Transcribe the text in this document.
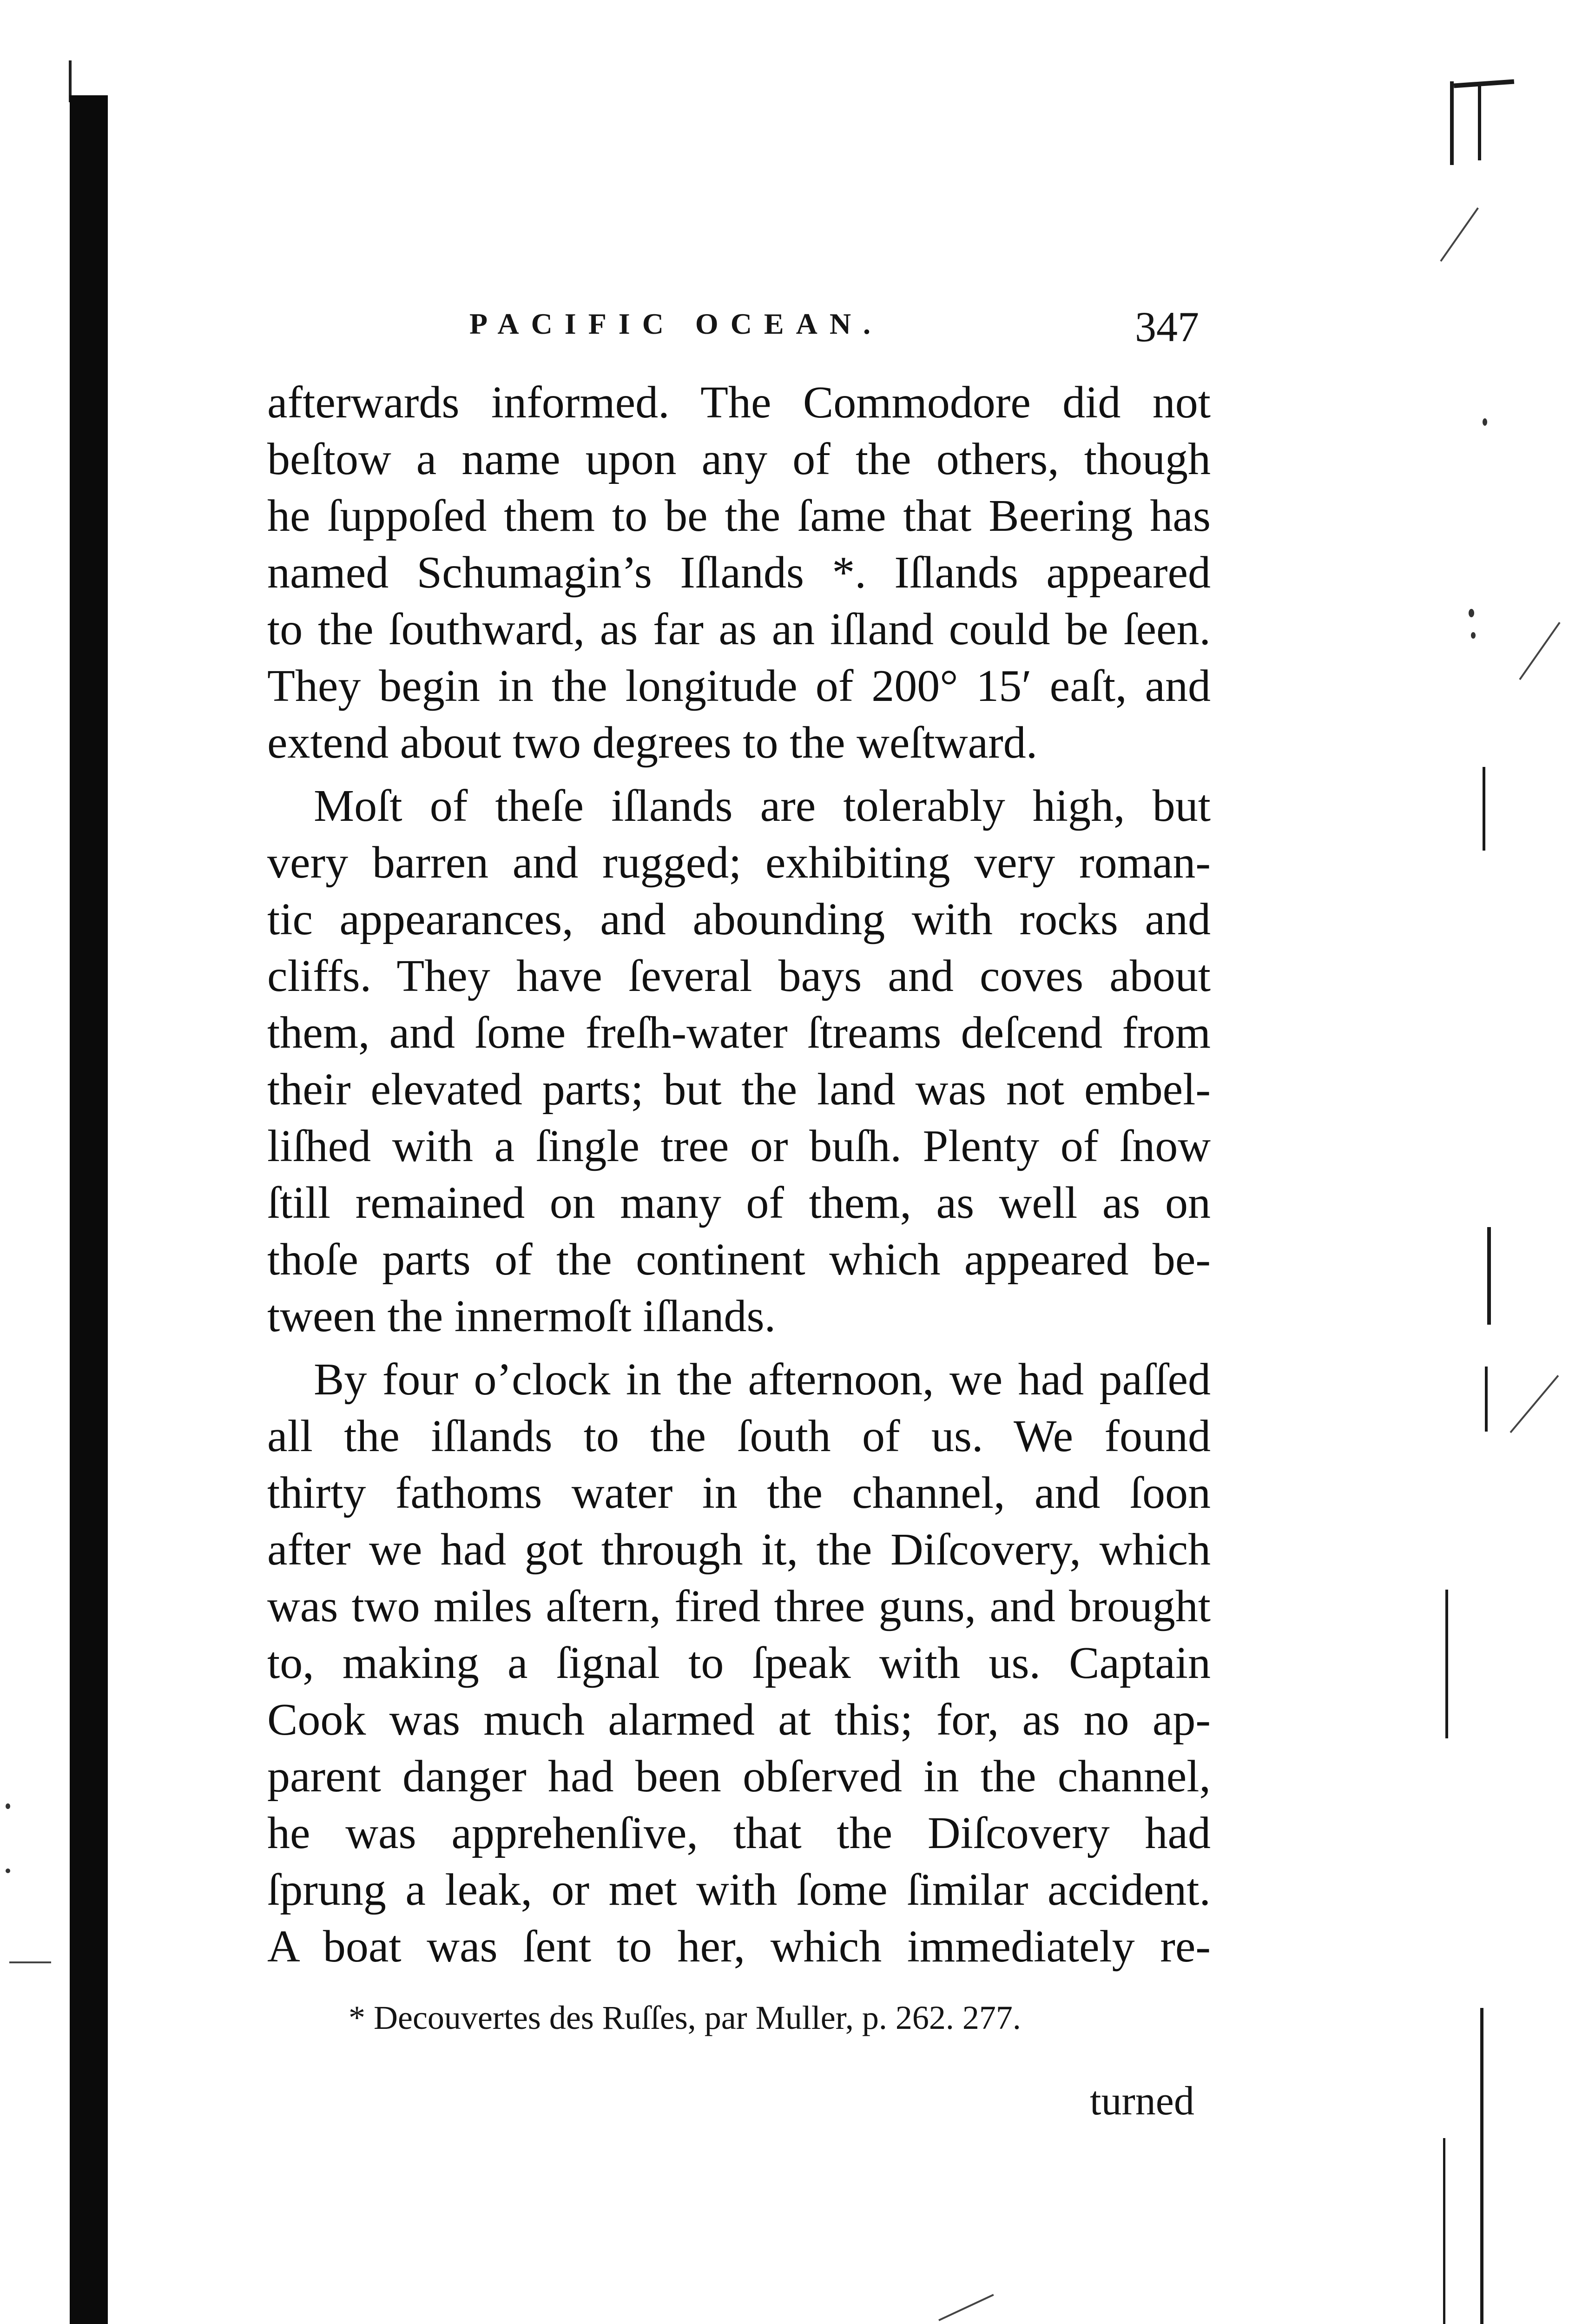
PACIFIC OCEAN.	347
afterwards informed. The Commodore did not
beſtow a name upon any of the others, though
he ſuppoſed them to be the ſame that Beering has
named Schumagin’s Iſlands *. Iſlands appeared
to the ſouthward, as far as an iſland could be ſeen.
They begin in the longitude of 200° 15′ eaſt, and
extend about two degrees to the weſtward.
Moſt of theſe iſlands are tolerably high, but
very barren and rugged; exhibiting very roman-
tic appearances, and abounding with rocks and
cliffs. They have ſeveral bays and coves about
them, and ſome freſh-water ſtreams deſcend from
their elevated parts; but the land was not embel-
liſhed with a ſingle tree or buſh. Plenty of ſnow
ſtill remained on many of them, as well as on
thoſe parts of the continent which appeared be-
tween the innermoſt iſlands.
By four o’clock in the afternoon, we had paſſed
all the iſlands to the ſouth of us. We found
thirty fathoms water in the channel, and ſoon
after we had got through it, the Diſcovery, which
was two miles aſtern, fired three guns, and brought
to, making a ſignal to ſpeak with us. Captain
Cook was much alarmed at this; for, as no ap-
parent danger had been obſerved in the channel,
he was apprehenſive, that the Diſcovery had
ſprung a leak, or met with ſome ſimilar accident.
A boat was ſent to her, which immediately re-
* Decouvertes des Ruſſes, par Muller, p. 262. 277.
turned
